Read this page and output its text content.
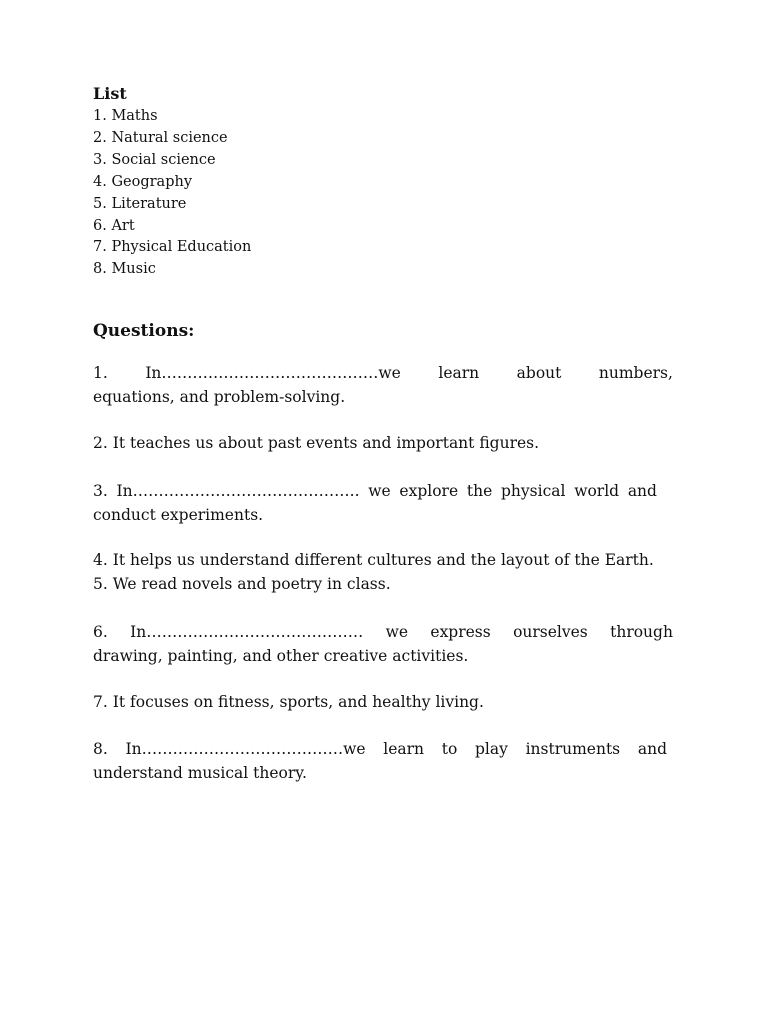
List
1. Maths
2. Natural science
3. Social science
4. Geography
5. Literature
6. Art
7. Physical Education
8. Music
Questions:
1. In……………………………………we learn about numbers,
equations, and problem-solving.

2. It teaches us about past events and important figures.

3. In…………………………………….. we explore the physical world and
conduct experiments.

4. It helps us understand different cultures and the layout of the Earth.

5. We read novels and poetry in class.

6. In…………………………………… we express ourselves through
drawing, painting, and other creative activities.

7. It focuses on fitness, sports, and healthy living.

8. In…………………………………we learn to play instruments and
understand musical theory.
